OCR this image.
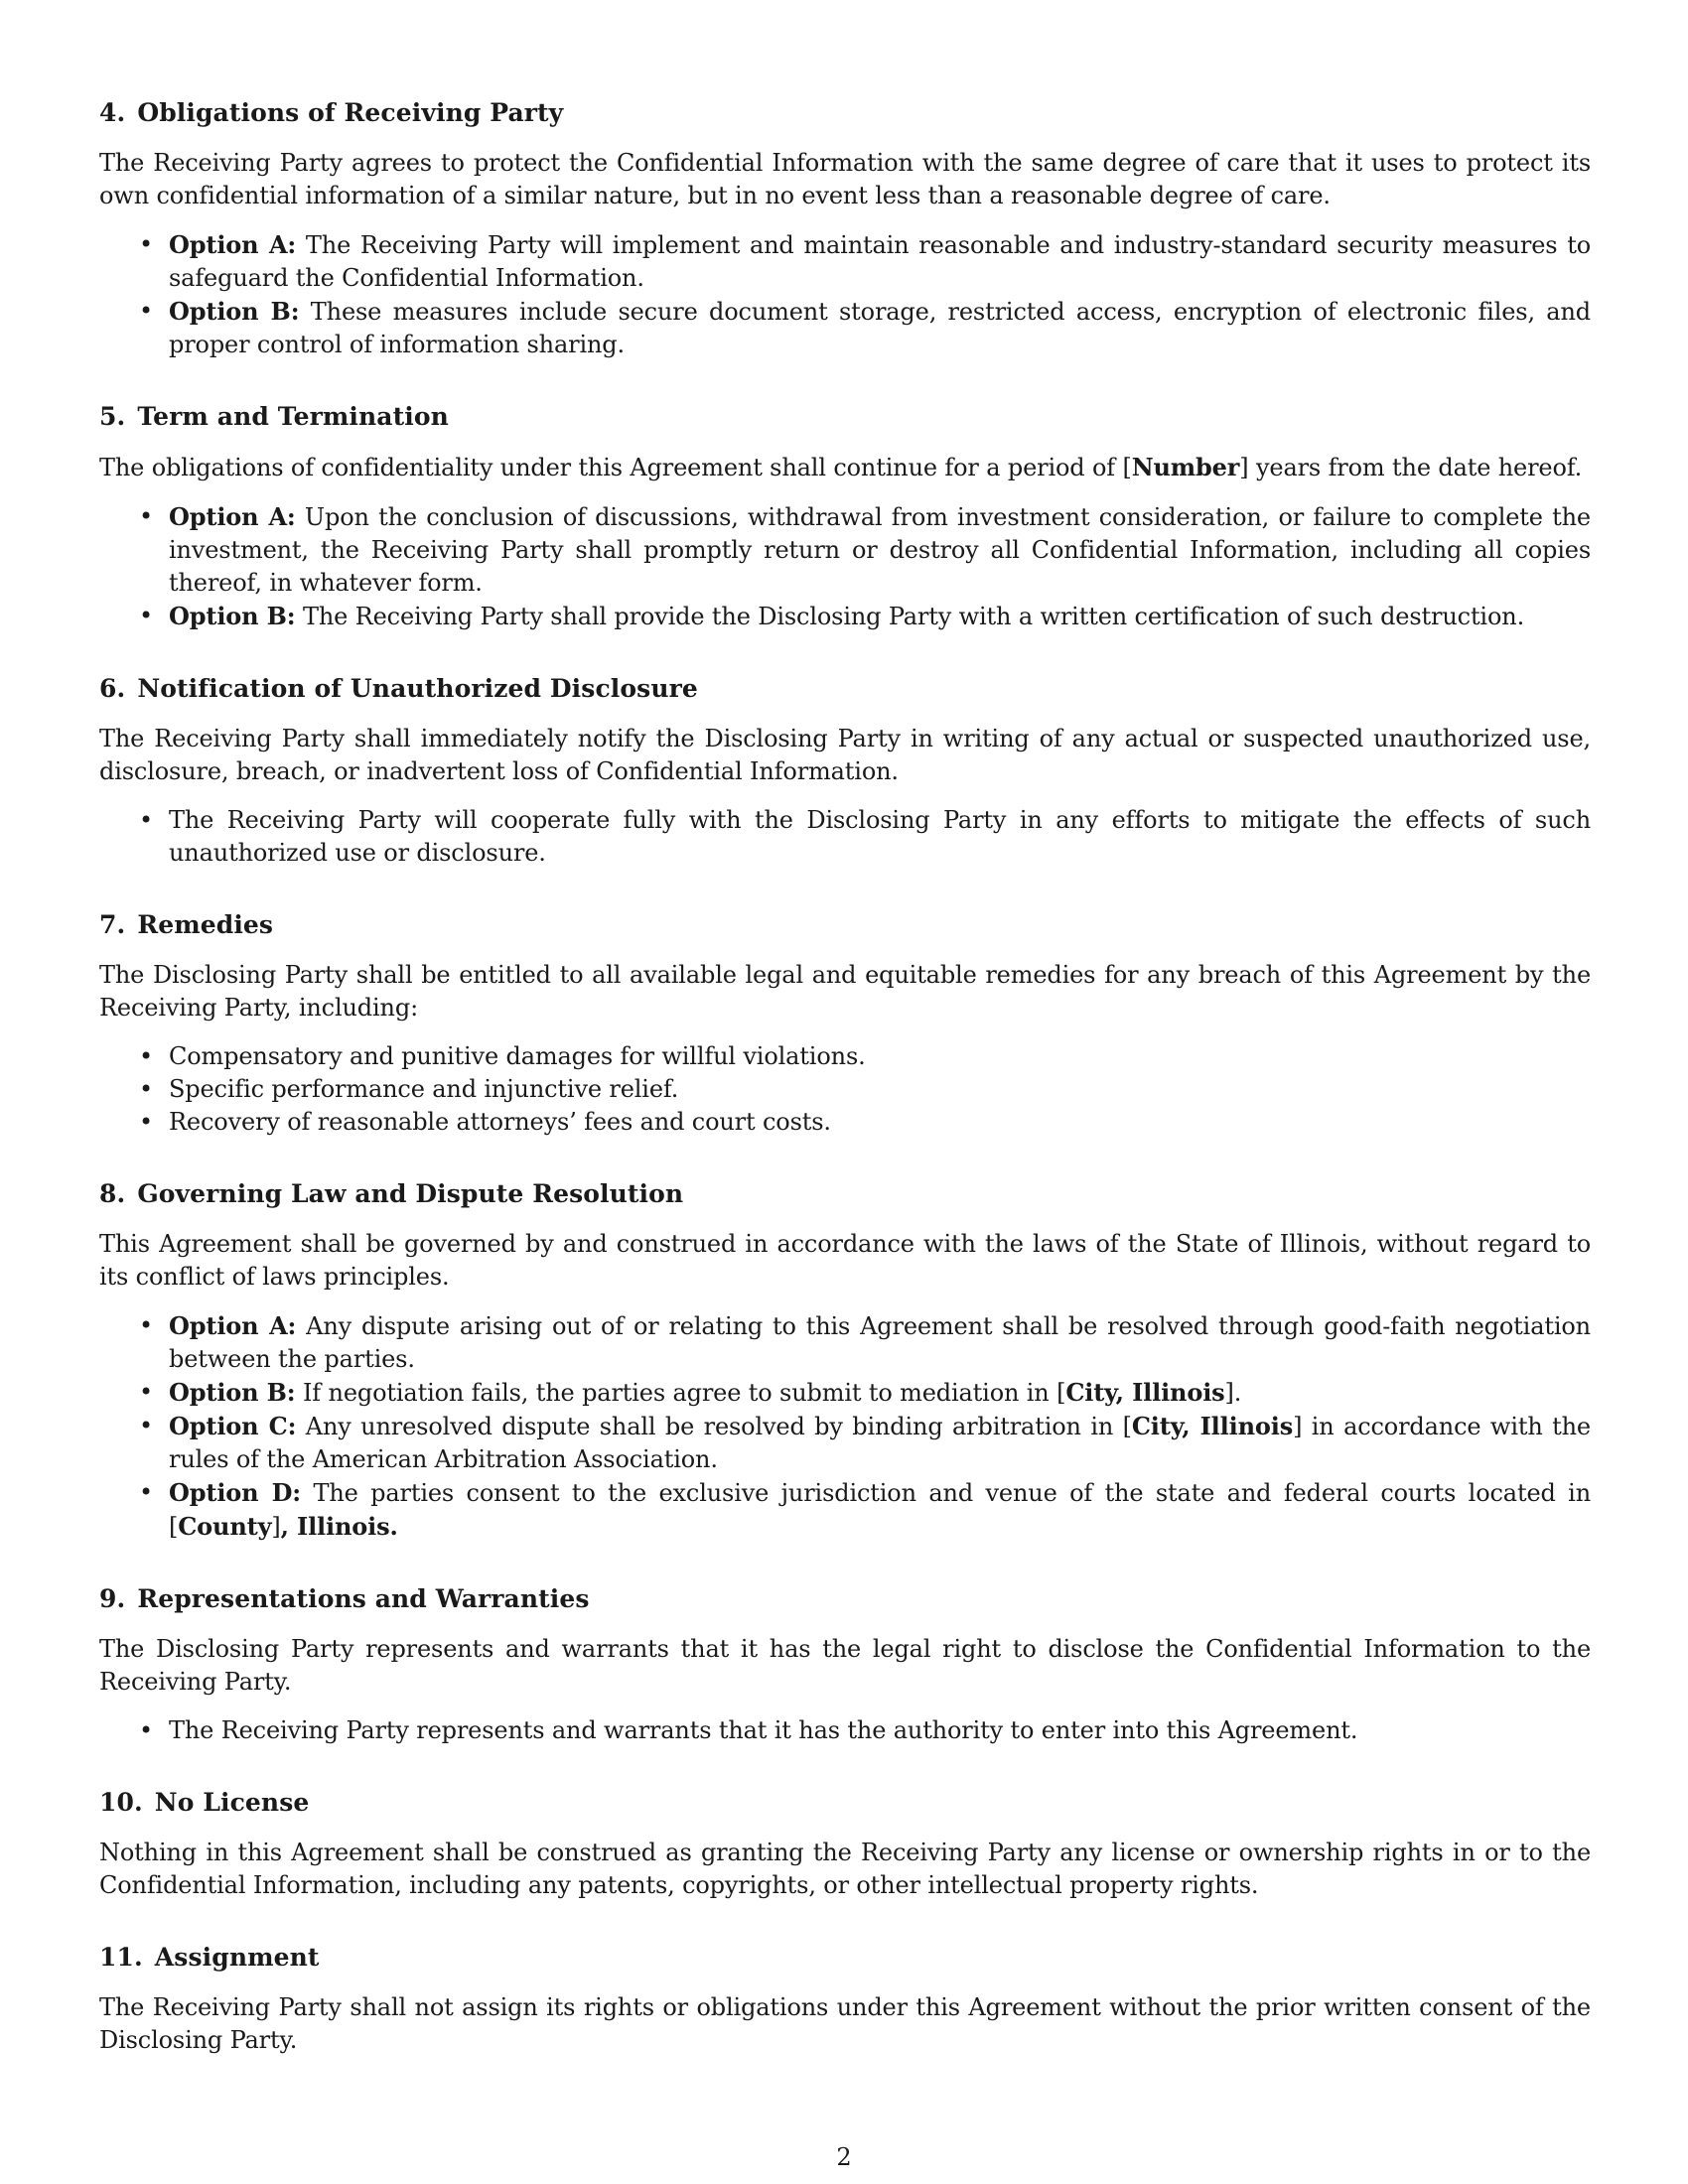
4. Obligations of Receiving Party

The Receiving Party agrees to protect the Confidential Information with the same degree of care that it uses to protect its own confidential information of a similar nature, but in no event less than a reasonable degree of care.

• Option A: The Receiving Party will implement and maintain reasonable and industry-standard security measures to safeguard the Confidential Information.
• Option B: These measures include secure document storage, restricted access, encryption of electronic files, and proper control of information sharing.
5. Term and Termination

The obligations of confidentiality under this Agreement shall continue for a period of [Number] years from the date hereof.

• Option A: Upon the conclusion of discussions, withdrawal from investment consideration, or failure to complete the investment, the Receiving Party shall promptly return or destroy all Confidential Information, including all copies thereof, in whatever form.
• Option B: The Receiving Party shall provide the Disclosing Party with a written certification of such destruction.
6. Notification of Unauthorized Disclosure

The Receiving Party shall immediately notify the Disclosing Party in writing of any actual or suspected unauthorized use, disclosure, breach, or inadvertent loss of Confidential Information.

• The Receiving Party will cooperate fully with the Disclosing Party in any efforts to mitigate the effects of such unauthorized use or disclosure.
7. Remedies

The Disclosing Party shall be entitled to all available legal and equitable remedies for any breach of this Agreement by the Receiving Party, including:

• Compensatory and punitive damages for willful violations.
• Specific performance and injunctive relief.
• Recovery of reasonable attorneys’ fees and court costs.
8. Governing Law and Dispute Resolution

This Agreement shall be governed by and construed in accordance with the laws of the State of Illinois, without regard to its conflict of laws principles.

• Option A: Any dispute arising out of or relating to this Agreement shall be resolved through good-faith negotiation between the parties.
• Option B: If negotiation fails, the parties agree to submit to mediation in [City, Illinois].
• Option C: Any unresolved dispute shall be resolved by binding arbitration in [City, Illinois] in accordance with the rules of the American Arbitration Association.
• Option D: The parties consent to the exclusive jurisdiction and venue of the state and federal courts located in [County], Illinois.
9. Representations and Warranties

The Disclosing Party represents and warrants that it has the legal right to disclose the Confidential Information to the Receiving Party.

• The Receiving Party represents and warrants that it has the authority to enter into this Agreement.
10. No License

Nothing in this Agreement shall be construed as granting the Receiving Party any license or ownership rights in or to the Confidential Information, including any patents, copyrights, or other intellectual property rights.

11. Assignment

The Receiving Party shall not assign its rights or obligations under this Agreement without the prior written consent of the Disclosing Party.

2
